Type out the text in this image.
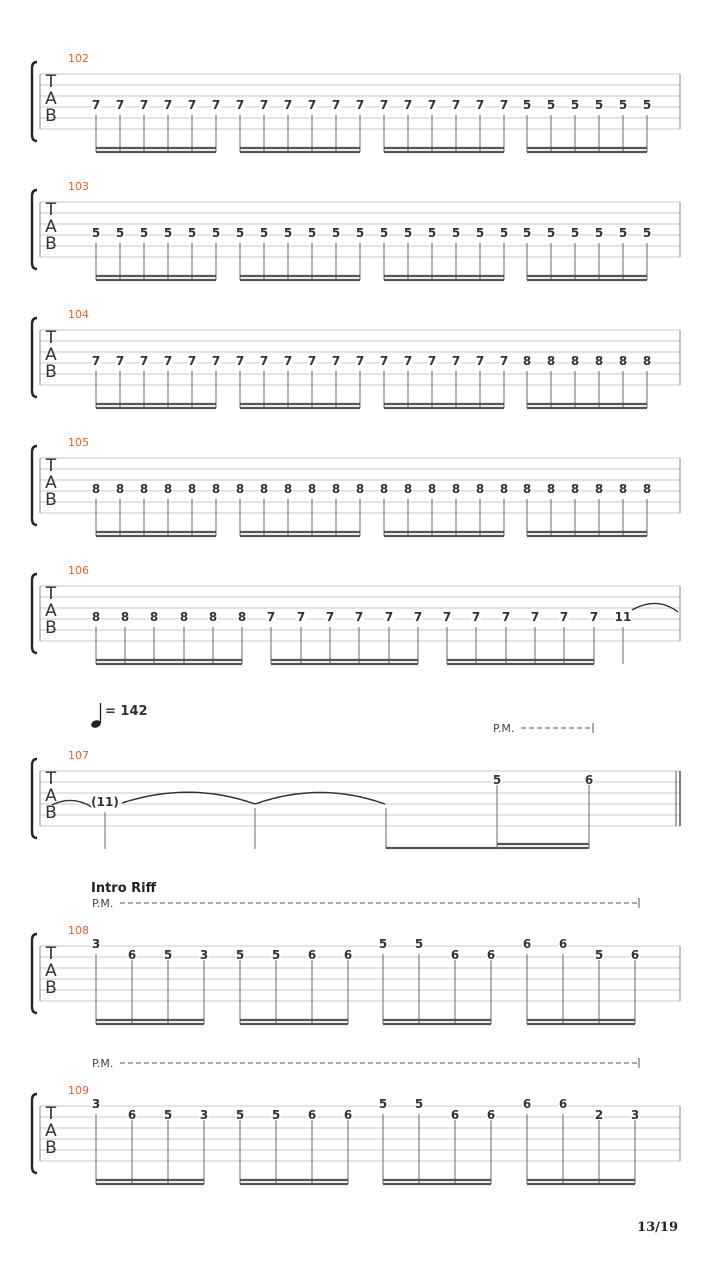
T
A
B
102
7 7 7 7 7 7 7 7 7 7 7 7 7 7 7 7 7 7 5 5 5 5 5 5
T
A
B
103
5 5 5 5 5 5 5 5 5 5 5 5 5 5 5 5 5 5 5 5 5 5 5 5
T
A
B
104
7 7 7 7 7 7 7 7 7 7 7 7 7 7 7 7 7 7 8 8 8 8 8 8
T
A
B
105
8 8 8 8 8 8 8 8 8 8 8 8 8 8 8 8 8 8 8 8 8 8 8 8
T
A
B
106
8 8 8 8 8 8 7 7 7 7 7 7 7 7 7 7 7 7 11
= 142
T
A
B
107
P.M.
(11)
5	6
Intro Riff
T
A
B
108
P.M.
3
6 5 3 5 5 6 6
5 5
6 6
6 6
5 6
T
A
B
109
P.M.
3
6 5 3 5 5 6 6
5 5
6 6
6 6
2 3
13/19
